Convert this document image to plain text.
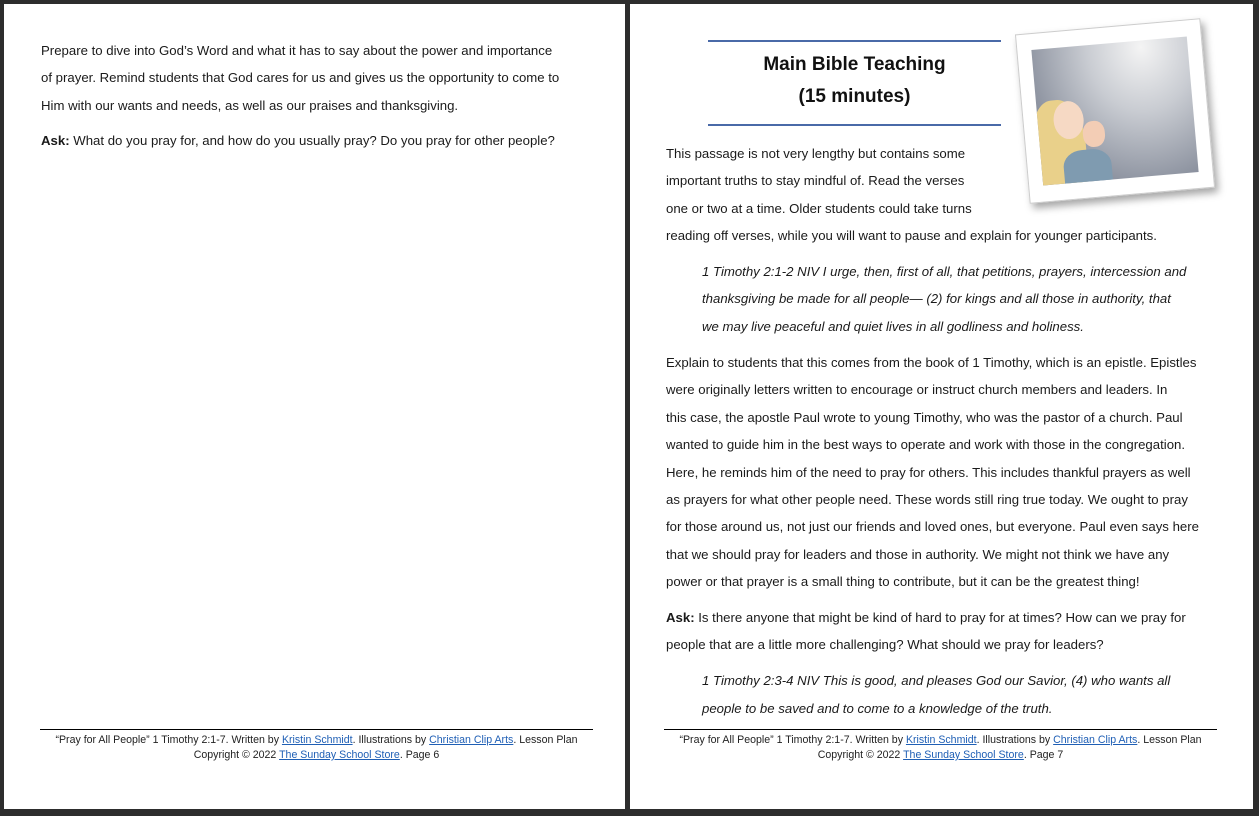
Prepare to dive into God’s Word and what it has to say about the power and importance

of prayer. Remind students that God cares for us and gives us the opportunity to come to

Him with our wants and needs, as well as our praises and thanksgiving.

Ask: What do you pray for, and how do you usually pray? Do you pray for other people?

“Pray for All People” 1 Timothy 2:1-7. Written by Kristin Schmidt. Illustrations by Christian Clip Arts. Lesson Plan
Copyright © 2022 The Sunday School Store. Page 6
Main Bible Teaching
(15 minutes)

This passage is not very lengthy but contains some

important truths to stay mindful of. Read the verses

one or two at a time. Older students could take turns

reading off verses, while you will want to pause and explain for younger participants.

1 Timothy 2:1-2 NIV I urge, then, first of all, that petitions, prayers, intercession and

thanksgiving be made for all people— (2) for kings and all those in authority, that

we may live peaceful and quiet lives in all godliness and holiness.

Explain to students that this comes from the book of 1 Timothy, which is an epistle. Epistles

were originally letters written to encourage or instruct church members and leaders. In

this case, the apostle Paul wrote to young Timothy, who was the pastor of a church. Paul

wanted to guide him in the best ways to operate and work with those in the congregation.

Here, he reminds him of the need to pray for others. This includes thankful prayers as well

as prayers for what other people need. These words still ring true today. We ought to pray

for those around us, not just our friends and loved ones, but everyone. Paul even says here

that we should pray for leaders and those in authority. We might not think we have any

power or that prayer is a small thing to contribute, but it can be the greatest thing!

Ask: Is there anyone that might be kind of hard to pray for at times? How can we pray for

people that are a little more challenging? What should we pray for leaders?

1 Timothy 2:3-4 NIV This is good, and pleases God our Savior, (4) who wants all

people to be saved and to come to a knowledge of the truth.

“Pray for All People” 1 Timothy 2:1-7. Written by Kristin Schmidt. Illustrations by Christian Clip Arts. Lesson Plan
Copyright © 2022 The Sunday School Store. Page 7
